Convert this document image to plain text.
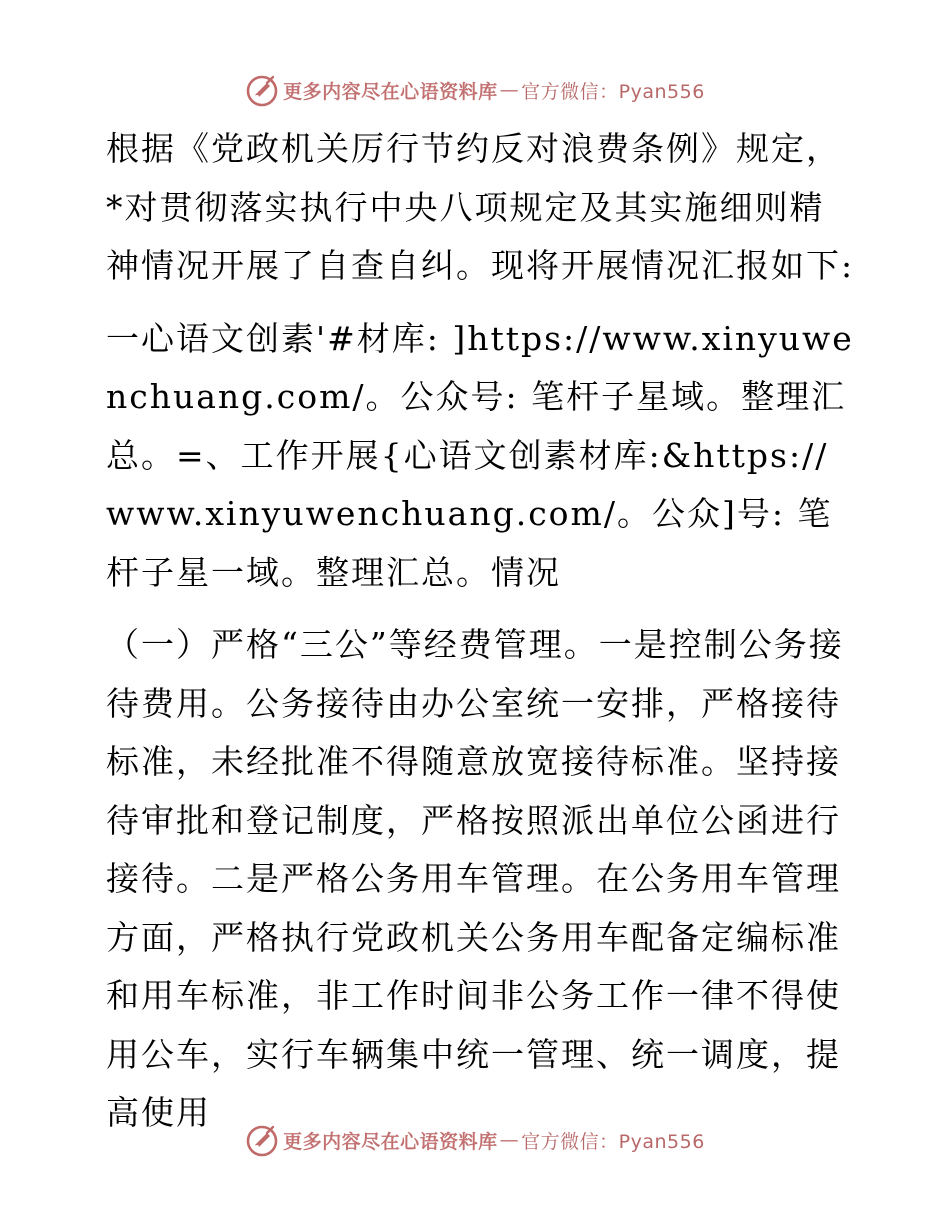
更多内容尽在心语资料库 — 官方微信：Pyan556

根据《党政机关厉行节约反对浪费条例》规定，*对贯彻落实执行中央八项规定及其实施细则精神情况开展了自查自纠。现将开展情况汇报如下:

一心语文创素'#材库: ]https://www.xinyuwenchuang.com/。公众号: 笔杆子星域。整理汇总。=、工作开展{心语文创素材库:&https://www.xinyuwenchuang.com/。公众]号: 笔杆子星一域。整理汇总。情况

（一）严格“三公”等经费管理。一是控制公务接待费用。公务接待由办公室统一安排，严格接待标准，未经批准不得随意放宽接待标准。坚持接待审批和登记制度，严格按照派出单位公函进行接待。二是严格公务用车管理。在公务用车管理方面，严格执行党政机关公务用车配备定编标准和用车标准，非工作时间非公务工作一律不得使用公车，实行车辆集中统一管理、统一调度，提高使用

更多内容尽在心语资料库 — 官方微信：Pyan556
